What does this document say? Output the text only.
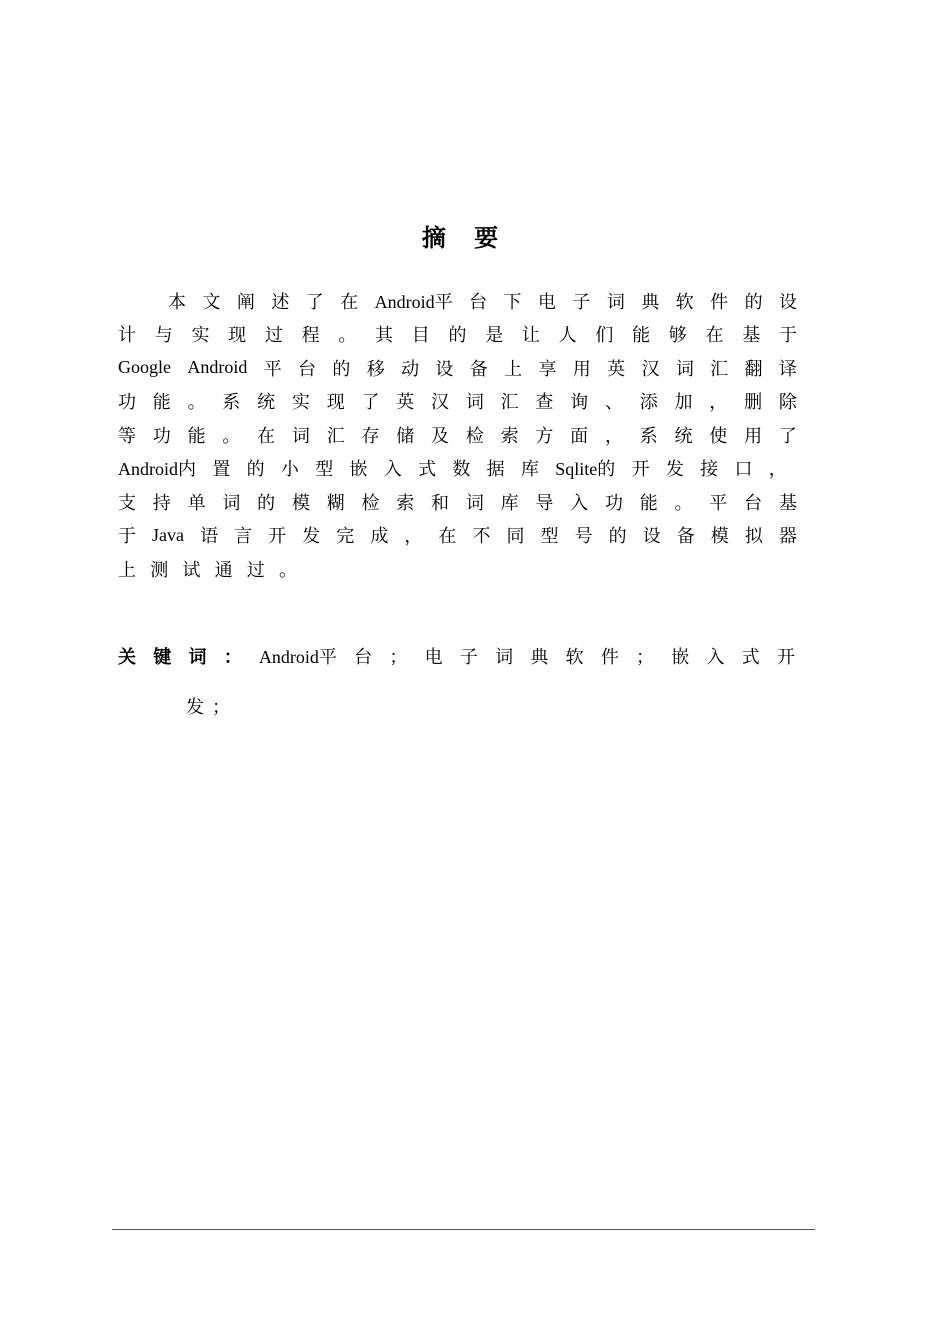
摘 要
本 文 阐 述 了 在 Android平 台 下 电 子 词 典 软 件 的 设
计 与 实 现 过 程 。 其 目 的 是 让 人 们 能 够 在 基 于
Google Android 平 台 的 移 动 设 备 上 享 用 英 汉 词 汇 翻 译
功 能 。 系 统 实 现 了 英 汉 词 汇 查 询 、 添 加 ， 删 除
等 功 能 。 在 词 汇 存 储 及 检 索 方 面 ， 系 统 使 用 了
Android内 置 的 小 型 嵌 入 式 数 据 库 Sqlite的 开 发 接 口 ，
支 持 单 词 的 模 糊 检 索 和 词 库 导 入 功 能 。 平 台 基
于 Java 语 言 开 发 完 成 ， 在 不 同 型 号 的 设 备 模 拟 器
上 测 试 通 过 。
关 键 词 ： Android平 台 ； 电 子 词 典 软 件 ； 嵌 入 式 开
发 ；
